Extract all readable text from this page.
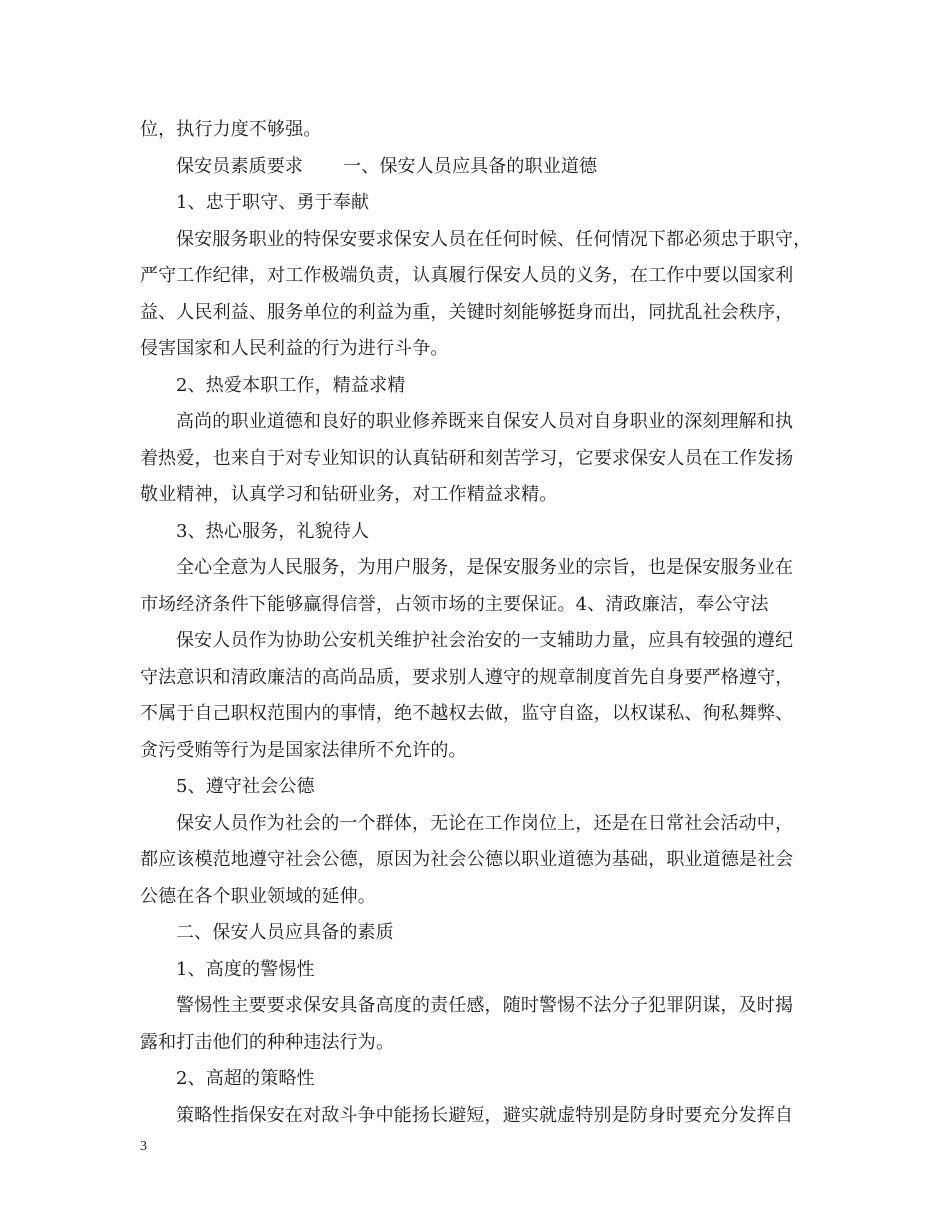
位，执行力度不够强。
保安员素质要求 一、保安人员应具备的职业道德
1、忠于职守、勇于奉献
保安服务职业的特保安要求保安人员在任何时候、任何情况下都必须忠于职守，
严守工作纪律，对工作极端负责，认真履行保安人员的义务，在工作中要以国家利
益、人民利益、服务单位的利益为重，关键时刻能够挺身而出，同扰乱社会秩序，
侵害国家和人民利益的行为进行斗争。
2、热爱本职工作，精益求精
高尚的职业道德和良好的职业修养既来自保安人员对自身职业的深刻理解和执
着热爱，也来自于对专业知识的认真钻研和刻苦学习，它要求保安人员在工作发扬
敬业精神，认真学习和钻研业务，对工作精益求精。
3、热心服务，礼貌待人
全心全意为人民服务，为用户服务，是保安服务业的宗旨，也是保安服务业在
市场经济条件下能够赢得信誉，占领市场的主要保证。4、清政廉洁，奉公守法
保安人员作为协助公安机关维护社会治安的一支辅助力量，应具有较强的遵纪
守法意识和清政廉洁的高尚品质，要求别人遵守的规章制度首先自身要严格遵守，
不属于自己职权范围内的事情，绝不越权去做，监守自盗，以权谋私、徇私舞弊、
贪污受贿等行为是国家法律所不允许的。
5、遵守社会公德
保安人员作为社会的一个群体，无论在工作岗位上，还是在日常社会活动中，
都应该模范地遵守社会公德，原因为社会公德以职业道德为基础，职业道德是社会
公德在各个职业领域的延伸。
二、保安人员应具备的素质
1、高度的警惕性
警惕性主要要求保安具备高度的责任感，随时警惕不法分子犯罪阴谋，及时揭
露和打击他们的种种违法行为。
2、高超的策略性
策略性指保安在对敌斗争中能扬长避短，避实就虚特别是防身时要充分发挥自
3
